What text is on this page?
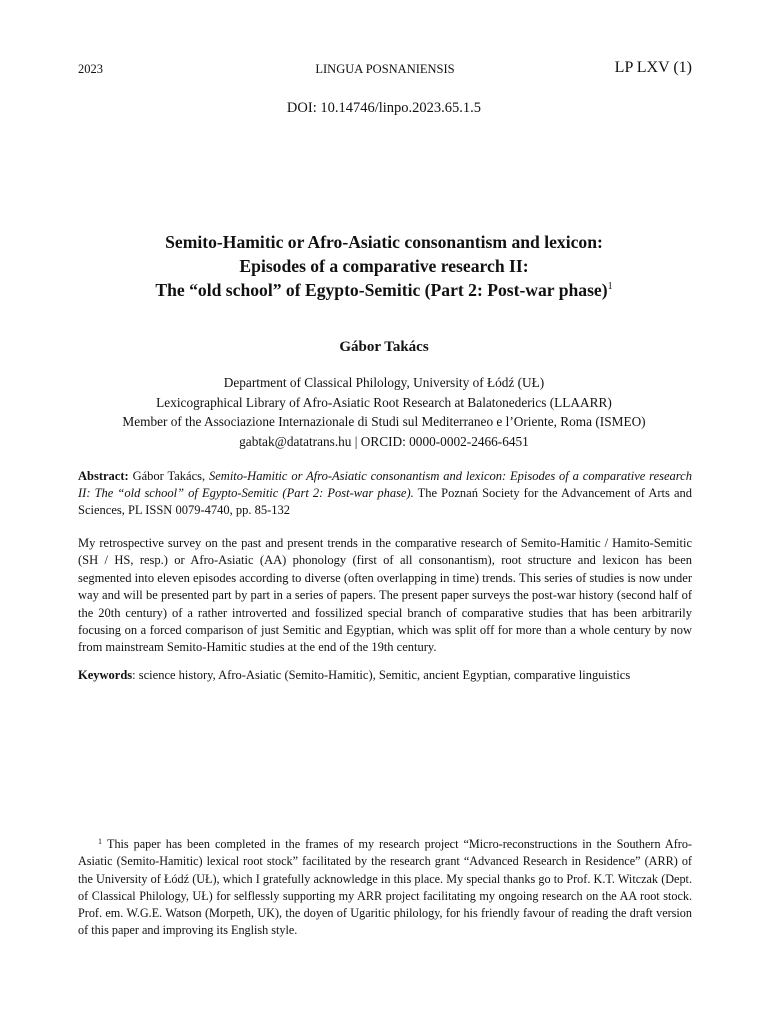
2023	LINGUA POSNANIENSIS	LP LXV (1)
DOI: 10.14746/linpo.2023.65.1.5
Semito-Hamitic or Afro-Asiatic consonantism and lexicon:
Episodes of a comparative research II:
The “old school” of Egypto-Semitic (Part 2: Post-war phase)$^1$
Gábor Takács
Department of Classical Philology, University of Łódź (UŁ)
Lexicographical Library of Afro-Asiatic Root Research at Balatonederics (LLAARR)
Member of the Associazione Internazionale di Studi sul Mediterraneo e l’Oriente, Roma (ISMEO)
gabtak@datatrans.hu | ORCID: 0000-0002-2466-6451
Abstract: Gábor Takács, Semito-Hamitic or Afro-Asiatic consonantism and lexicon: Episodes of a comparative research II: The “old school” of Egypto-Semitic (Part 2: Post-war phase). The Poznań Society for the Advancement of Arts and Sciences, PL ISSN 0079-4740, pp. 85-132
My retrospective survey on the past and present trends in the comparative research of Semito-Hamitic / Hamito-Semitic (SH / HS, resp.) or Afro-Asiatic (AA) phonology (first of all consonantism), root structure and lexicon has been segmented into eleven episodes according to diverse (often overlapping in time) trends. This series of studies is now under way and will be presented part by part in a series of papers. The present paper surveys the post-war history (second half of the 20th century) of a rather introverted and fossilized special branch of comparative studies that has been arbitrarily focusing on a forced comparison of just Semitic and Egyptian, which was split off for more than a whole century by now from mainstream Semito-Hamitic studies at the end of the 19th century.
Keywords: science history, Afro-Asiatic (Semito-Hamitic), Semitic, ancient Egyptian, comparative linguistics
$^1$ This paper has been completed in the frames of my research project “Micro-reconstructions in the Southern Afro-Asiatic (Semito-Hamitic) lexical root stock” facilitated by the research grant “Advanced Research in Residence” (ARR) of the University of Łódź (UŁ), which I gratefully acknowledge in this place. My special thanks go to Prof. K.T. Witczak (Dept. of Classical Philology, UŁ) for selflessly supporting my ARR project facilitating my ongoing research on the AA root stock. Prof. em. W.G.E. Watson (Morpeth, UK), the doyen of Ugaritic philology, for his friendly favour of reading the draft version of this paper and improving its English style.
